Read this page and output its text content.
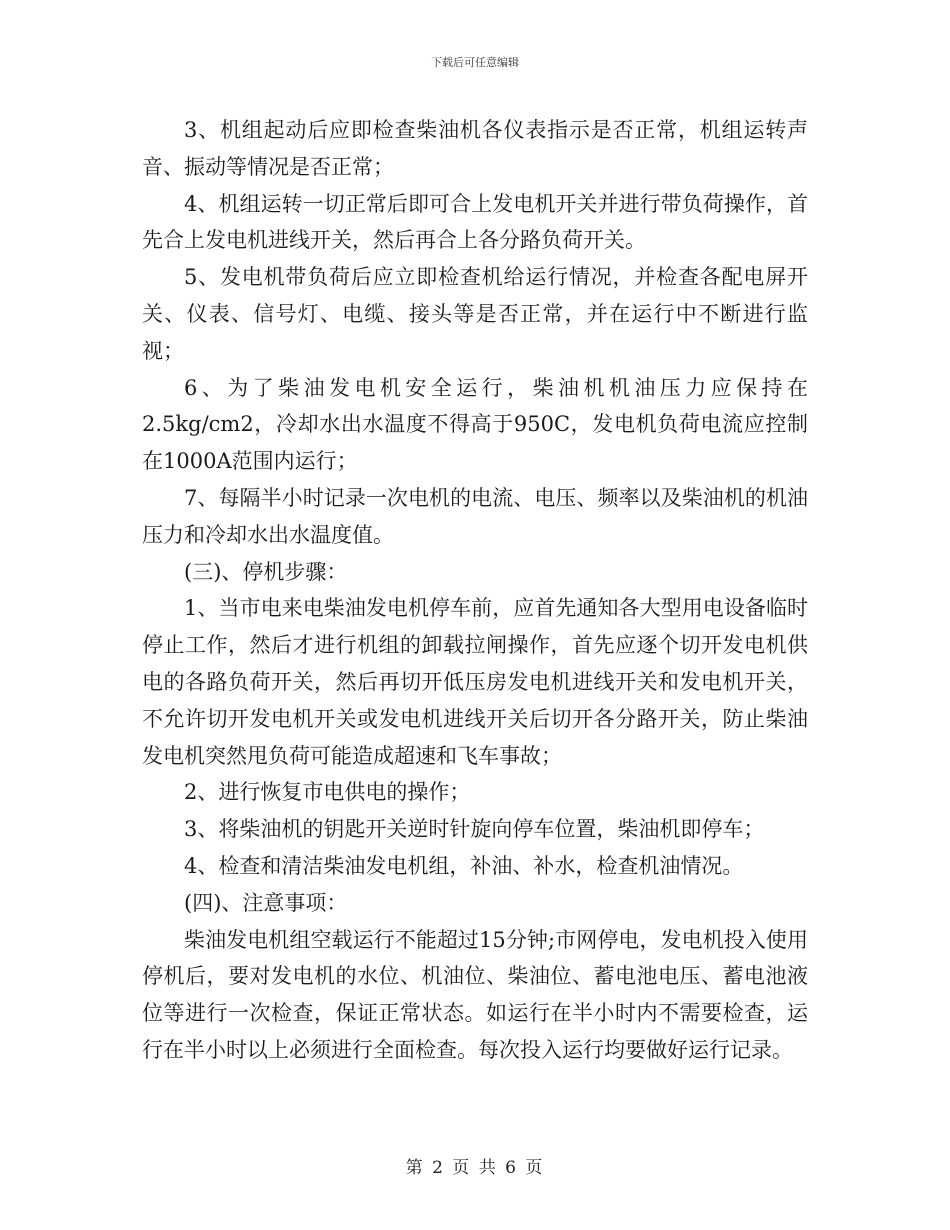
下载后可任意编辑

3、机组起动后应即检查柴油机各仪表指示是否正常，机组运转声音、振动等情况是否正常；

4、机组运转一切正常后即可合上发电机开关并进行带负荷操作，首先合上发电机进线开关，然后再合上各分路负荷开关。

5、发电机带负荷后应立即检查机给运行情况，并检查各配电屏开关、仪表、信号灯、电缆、接头等是否正常，并在运行中不断进行监视；

6、为了柴油发电机安全运行，柴油机机油压力应保持在2.5kg/cm2，冷却水出水温度不得高于950C，发电机负荷电流应控制在1000A范围内运行；

7、每隔半小时记录一次电机的电流、电压、频率以及柴油机的机油压力和冷却水出水温度值。

(三)、停机步骤：

1、当市电来电柴油发电机停车前，应首先通知各大型用电设备临时停止工作，然后才进行机组的卸载拉闸操作，首先应逐个切开发电机供电的各路负荷开关，然后再切开低压房发电机进线开关和发电机开关，不允许切开发电机开关或发电机进线开关后切开各分路开关，防止柴油发电机突然甩负荷可能造成超速和飞车事故；

2、进行恢复市电供电的操作；

3、将柴油机的钥匙开关逆时针旋向停车位置，柴油机即停车；

4、检查和清洁柴油发电机组，补油、补水，检查机油情况。

(四)、注意事项：

柴油发电机组空载运行不能超过15分钟;市网停电，发电机投入使用停机后，要对发电机的水位、机油位、柴油位、蓄电池电压、蓄电池液位等进行一次检查，保证正常状态。如运行在半小时内不需要检查，运行在半小时以上必须进行全面检查。每次投入运行均要做好运行记录。

第 2 页 共 6 页
